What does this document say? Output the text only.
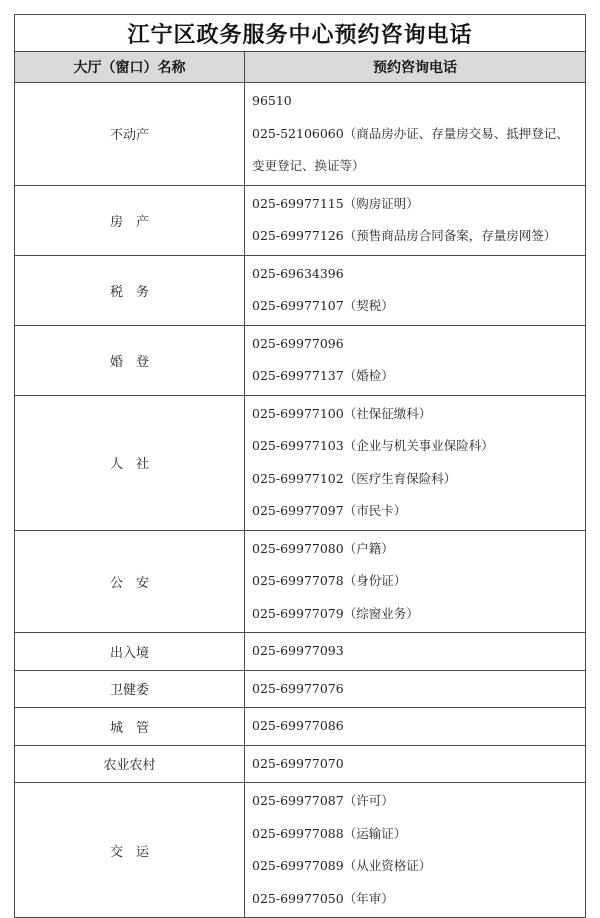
江宁区政务服务中心预约咨询电话	
大厅（窗口）名称	预约咨询电话
不动产	96510
025-52106060（商品房办证、存量房交易、抵押登记、变更登记、换证等）

房　产	025-69977115（购房证明）
025-69977126（预售商品房合同备案，存量房网签）

税　务	025-69634396
025-69977107（契税）

婚　登	025-69977096
025-69977137（婚检）

人　社	025-69977100（社保征缴科）
025-69977103（企业与机关事业保险科）
025-69977102（医疗生育保险科）
025-69977097（市民卡）

公　安	025-69977080（户籍）
025-69977078（身份证）
025-69977079（综窗业务）

出入境	025-69977093

卫健委	025-69977076

城　管	025-69977086

农业农村	025-69977070

交　运	025-69977087（许可）
025-69977088（运输证）
025-69977089（从业资格证）
025-69977050（年审）
